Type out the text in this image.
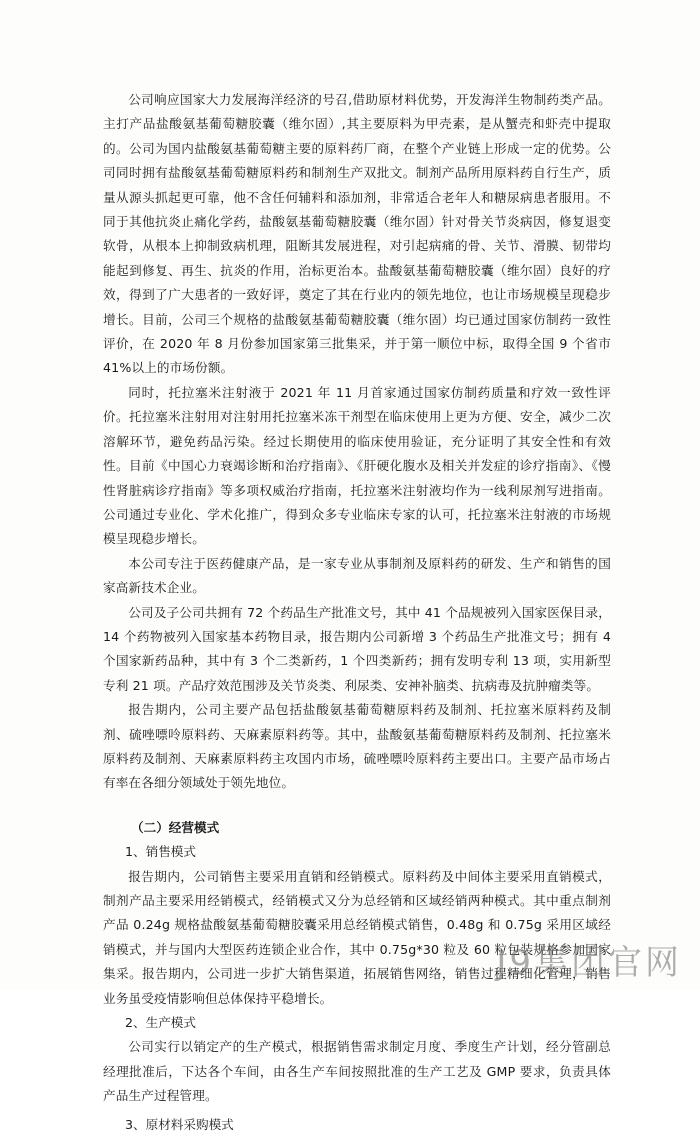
公司响应国家大力发展海洋经济的号召,借助原材料优势，开发海洋生物制药类产品。主打产品盐酸氨基葡萄糖胶囊（维尔固）,其主要原料为甲壳素，是从蟹壳和虾壳中提取的。公司为国内盐酸氨基葡萄糖主要的原料药厂商，在整个产业链上形成一定的优势。公司同时拥有盐酸氨基葡萄糖原料药和制剂生产双批文。制剂产品所用原料药自行生产，质量从源头抓起更可靠，他不含任何辅料和添加剂，非常适合老年人和糖尿病患者服用。不同于其他抗炎止痛化学药，盐酸氨基葡萄糖胶囊（维尔固）针对骨关节炎病因，修复退变软骨，从根本上抑制致病机理，阻断其发展进程，对引起病痛的骨、关节、滑膜、韧带均能起到修复、再生、抗炎的作用，治标更治本。盐酸氨基葡萄糖胶囊（维尔固）良好的疗效，得到了广大患者的一致好评，奠定了其在行业内的领先地位，也让市场规模呈现稳步增长。目前，公司三个规格的盐酸氨基葡萄糖胶囊（维尔固）均已通过国家仿制药一致性评价，在 2020 年 8 月份参加国家第三批集采，并于第一顺位中标，取得全国 9 个省市 41%以上的市场份额。

同时，托拉塞米注射液于 2021 年 11 月首家通过国家仿制药质量和疗效一致性评价。托拉塞米注射用对注射用托拉塞米冻干剂型在临床使用上更为方便、安全，减少二次溶解环节，避免药品污染。经过长期使用的临床使用验证，充分证明了其安全性和有效性。目前《中国心力衰竭诊断和治疗指南》、《肝硬化腹水及相关并发症的诊疗指南》、《慢性肾脏病诊疗指南》等多项权威治疗指南，托拉塞米注射液均作为一线利尿剂写进指南。公司通过专业化、学术化推广，得到众多专业临床专家的认可，托拉塞米注射液的市场规模呈现稳步增长。

本公司专注于医药健康产品，是一家专业从事制剂及原料药的研发、生产和销售的国家高新技术企业。

公司及子公司共拥有 72 个药品生产批准文号，其中 41 个品规被列入国家医保目录，14 个药物被列入国家基本药物目录，报告期内公司新增 3 个药品生产批准文号；拥有 4 个国家新药品种，其中有 3 个二类新药，1 个四类新药；拥有发明专利 13 项，实用新型专利 21 项。产品疗效范围涉及关节炎类、利尿类、安神补脑类、抗病毒及抗肿瘤类等。

报告期内，公司主要产品包括盐酸氨基葡萄糖原料药及制剂、托拉塞米原料药及制剂、硫唑嘌呤原料药、天麻素原料药等。其中，盐酸氨基葡萄糖原料药及制剂、托拉塞米原料药及制剂、天麻素原料药主攻国内市场，硫唑嘌呤原料药主要出口。主要产品市场占有率在各细分领域处于领先地位。

（二）经营模式
1、销售模式

报告期内，公司销售主要采用直销和经销模式。原料药及中间体主要采用直销模式，制剂产品主要采用经销模式，经销模式又分为总经销和区域经销两种模式。其中重点制剂产品 0.24g 规格盐酸氨基葡萄糖胶囊采用总经销模式销售，0.48g 和 0.75g 采用区域经销模式，并与国内大型医药连锁企业合作，其中 0.75g*30 粒及 60 粒包装规格参加国家集采。报告期内，公司进一步扩大销售渠道，拓展销售网络，销售过程精细化管理，销售业务虽受疫情影响但总体保持平稳增长。

2、生产模式

公司实行以销定产的生产模式，根据销售需求制定月度、季度生产计划，经分管副总经理批准后，下达各个车间，由各生产车间按照批准的生产工艺及 GMP 要求，负责具体产品生产过程管理。

3、原材料采购模式
J9集团官网
